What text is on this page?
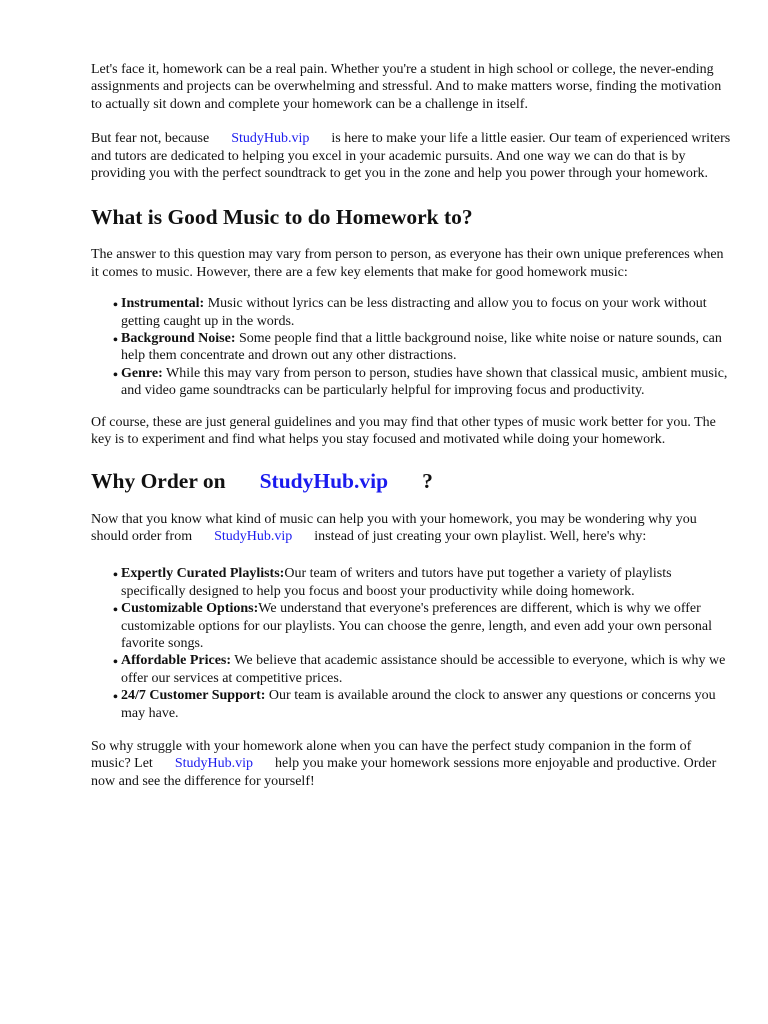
Let's face it, homework can be a real pain. Whether you're a student in high school or college, the never-ending assignments and projects can be overwhelming and stressful. And to make matters worse, finding the motivation to actually sit down and complete your homework can be a challenge in itself.

But fear not, because StudyHub.vip is here to make your life a little easier. Our team of experienced writers and tutors are dedicated to helping you excel in your academic pursuits. And one way we can do that is by providing you with the perfect soundtrack to get you in the zone and help you power through your homework.

What is Good Music to do Homework to?

The answer to this question may vary from person to person, as everyone has their own unique preferences when it comes to music. However, there are a few key elements that make for good homework music:

• Instrumental: Music without lyrics can be less distracting and allow you to focus on your work without getting caught up in the words.
• Background Noise: Some people find that a little background noise, like white noise or nature sounds, can help them concentrate and drown out any other distractions.
• Genre: While this may vary from person to person, studies have shown that classical music, ambient music, and video game soundtracks can be particularly helpful for improving focus and productivity.

Of course, these are just general guidelines and you may find that other types of music work better for you. The key is to experiment and find what helps you stay focused and motivated while doing your homework.

Why Order on StudyHub.vip ?

Now that you know what kind of music can help you with your homework, you may be wondering why you should order from StudyHub.vip instead of just creating your own playlist. Well, here's why:

• Expertly Curated Playlists:Our team of writers and tutors have put together a variety of playlists specifically designed to help you focus and boost your productivity while doing homework.
• Customizable Options:We understand that everyone's preferences are different, which is why we offer customizable options for our playlists. You can choose the genre, length, and even add your own personal favorite songs.
• Affordable Prices: We believe that academic assistance should be accessible to everyone, which is why we offer our services at competitive prices.
• 24/7 Customer Support: Our team is available around the clock to answer any questions or concerns you may have.

So why struggle with your homework alone when you can have the perfect study companion in the form of music? Let StudyHub.vip help you make your homework sessions more enjoyable and productive. Order now and see the difference for yourself!
